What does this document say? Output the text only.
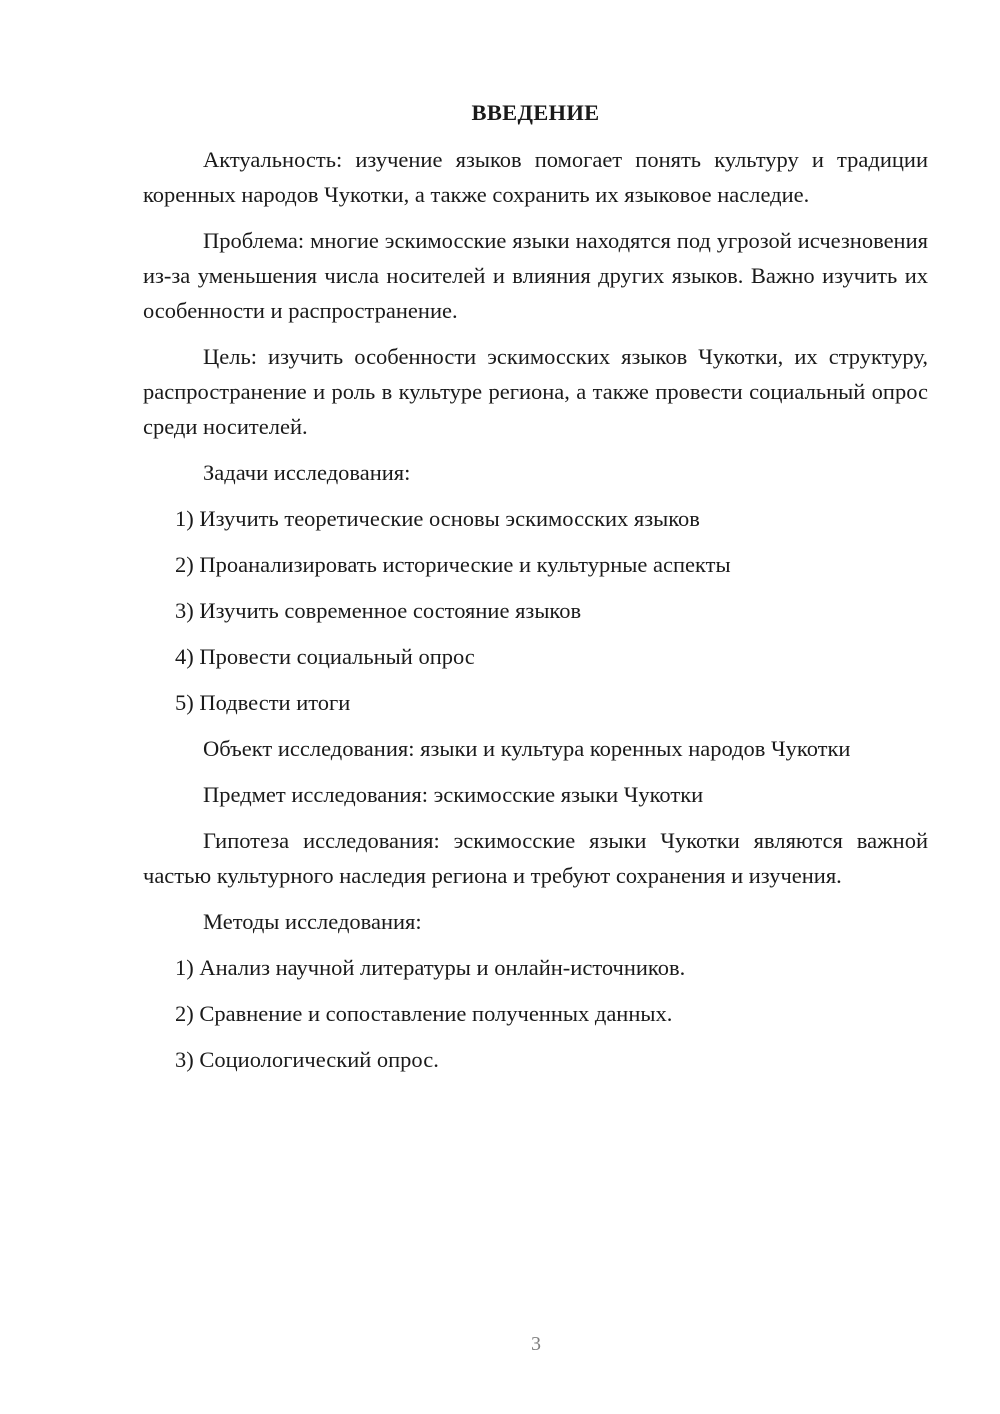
ВВЕДЕНИЕ

Актуальность: изучение языков помогает понять культуру и традиции коренных народов Чукотки, а также сохранить их языковое наследие.

Проблема: многие эскимосские языки находятся под угрозой исчезновения из-за уменьшения числа носителей и влияния других языков. Важно изучить их особенности и распространение.

Цель: изучить особенности эскимосских языков Чукотки, их структуру, распространение и роль в культуре региона, а также провести социальный опрос среди носителей.

Задачи исследования:

1) Изучить теоретические основы эскимосских языков
2) Проанализировать исторические и культурные аспекты
3) Изучить современное состояние языков
4) Провести социальный опрос
5) Подвести итоги

Объект исследования: языки и культура коренных народов Чукотки

Предмет исследования: эскимосские языки Чукотки

Гипотеза исследования: эскимосские языки Чукотки являются важной частью культурного наследия региона и требуют сохранения и изучения.

Методы исследования:

1) Анализ научной литературы и онлайн-источников.
2) Сравнение и сопоставление полученных данных.
3) Социологический опрос.
3
